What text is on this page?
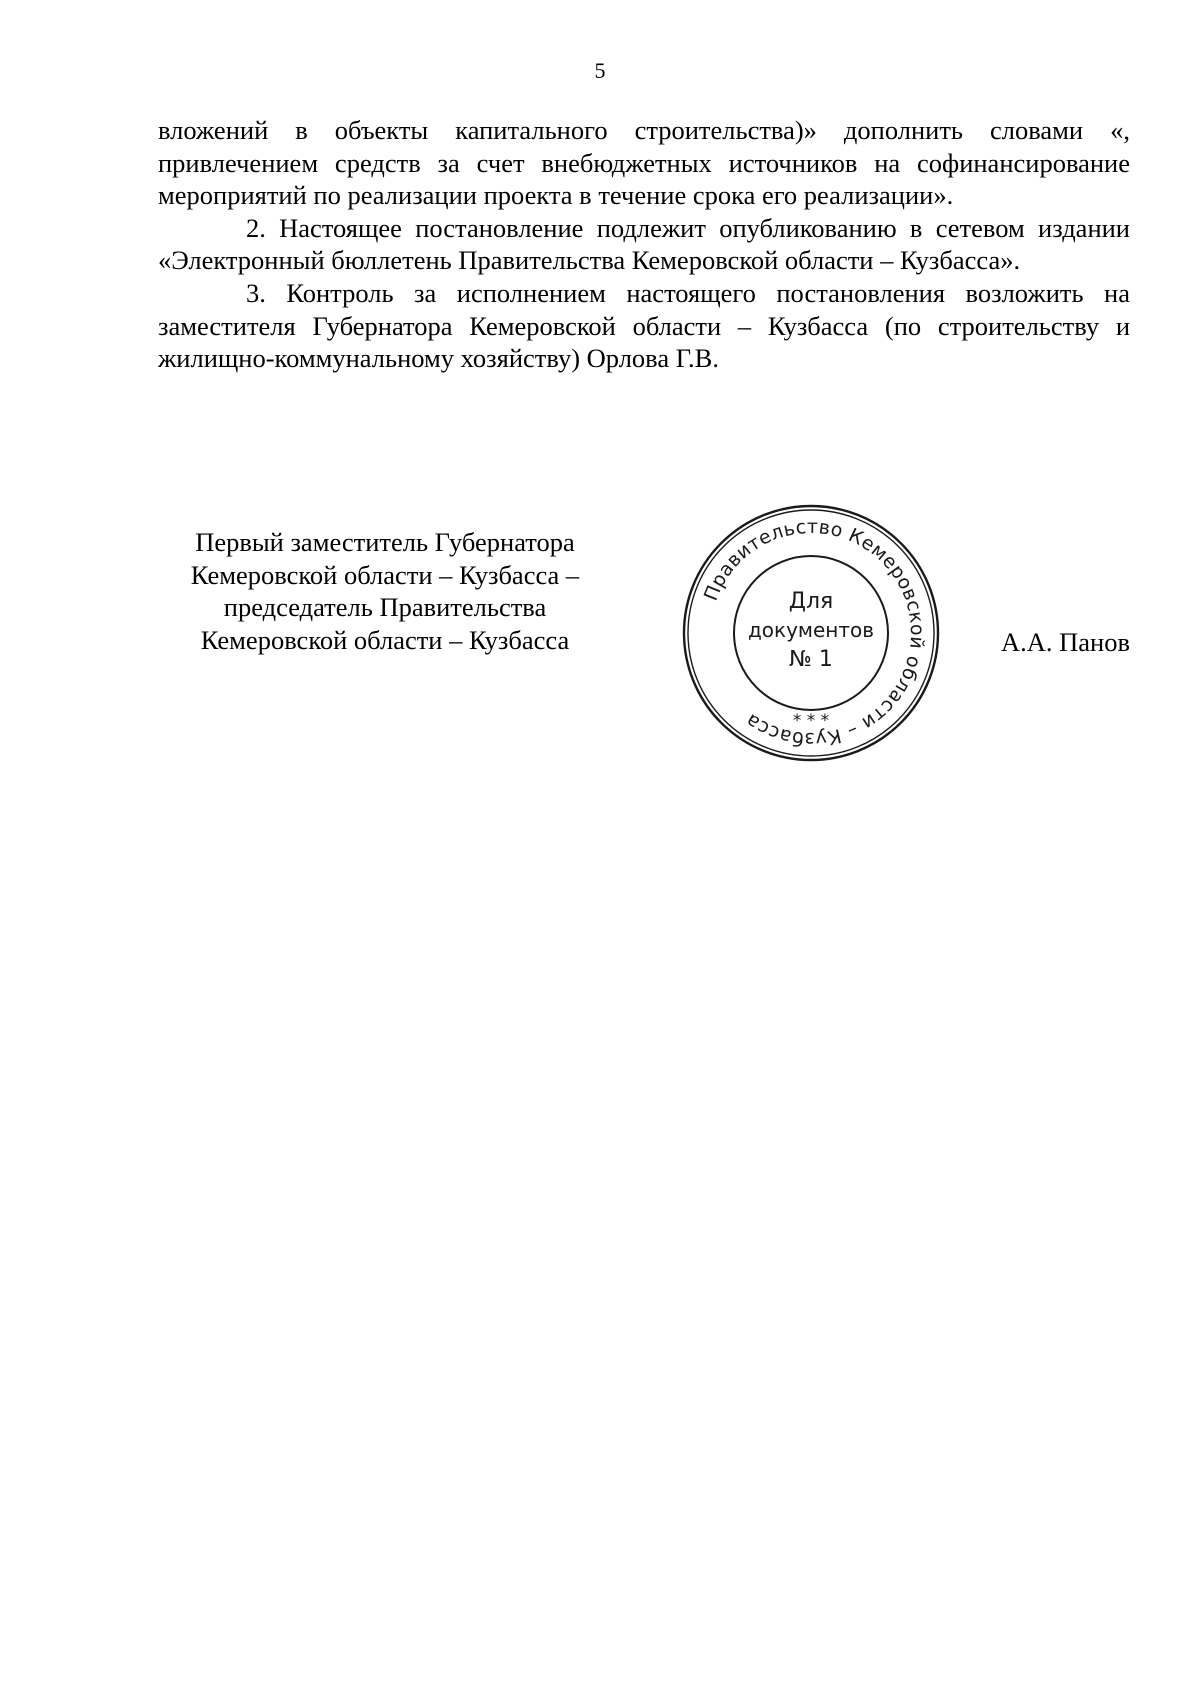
5

вложений в объекты капитального строительства)» дополнить словами «, привлечением средств за счет внебюджетных источников на софинансирование мероприятий по реализации проекта в течение срока его реализации».

2. Настоящее постановление подлежит опубликованию в сетевом издании «Электронный бюллетень Правительства Кемеровской области – Кузбасса».

3. Контроль за исполнением настоящего постановления возложить на заместителя Губернатора Кемеровской области – Кузбасса (по строительству и жилищно-коммунальному хозяйству) Орлова Г.В.

Первый заместитель Губернатора
Кемеровской области – Кузбасса –
председатель Правительства
Кемеровской области – Кузбасса
Правительство Кемеровской области – Кузбасса	* * *
Для
документов
№ 1
А.А. Панов
